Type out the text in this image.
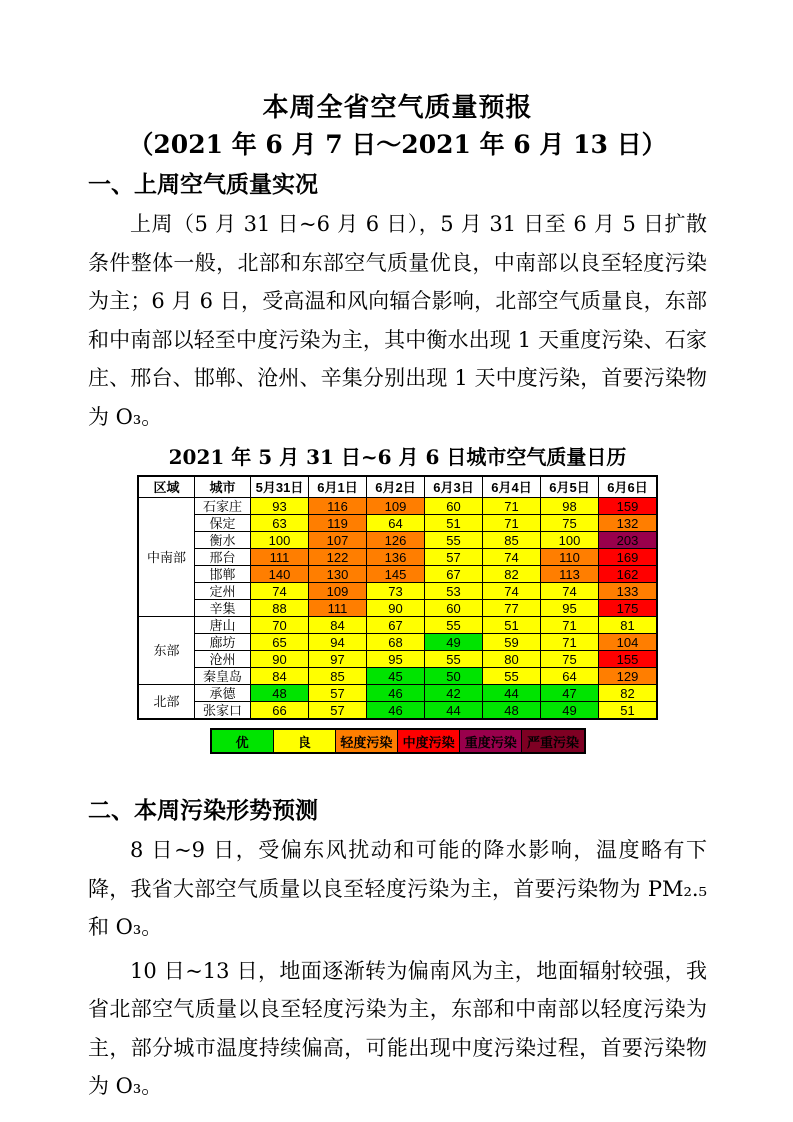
本周全省空气质量预报
（2021 年 6 月 7 日～2021 年 6 月 13 日）
一、上周空气质量实况

上周（5 月 31 日~6 月 6 日），5 月 31 日至 6 月 5 日扩散条件整体一般，北部和东部空气质量优良，中南部以良至轻度污染为主；6 月 6 日，受高温和风向辐合影响，北部空气质量良，东部和中南部以轻至中度污染为主，其中衡水出现 1 天重度污染、石家庄、邢台、邯郸、沧州、辛集分别出现 1 天中度污染，首要污染物为 O₃。

2021 年 5 月 31 日~6 月 6 日城市空气质量日历
区域	城市	5月31日	6月1日	6月2日	6月3日	6月4日	6月5日	6月6日
中南部	石家庄	93	116	109	60	71	98	159
	保定	63	119	64	51	71	75	132
	衡水	100	107	126	55	85	100	203
	邢台	111	122	136	57	74	110	169
	邯郸	140	130	145	67	82	113	162
	定州	74	109	73	53	74	74	133
	辛集	88	111	90	60	77	95	175
东部	唐山	70	84	67	55	51	71	81
	廊坊	65	94	68	49	59	71	104
	沧州	90	97	95	55	80	75	155
	秦皇岛	84	85	45	50	55	64	129
北部	承德	48	57	46	42	44	47	82
	张家口	66	57	46	44	48	49	51
优	良	轻度污染 中度污染 重度污染 严重污染
二、本周污染形势预测

8 日~9 日，受偏东风扰动和可能的降水影响，温度略有下降，我省大部空气质量以良至轻度污染为主，首要污染物为 PM₂.₅ 和 O₃。

10 日~13 日，地面逐渐转为偏南风为主，地面辐射较强，我省北部空气质量以良至轻度污染为主，东部和中南部以轻度污染为主，部分城市温度持续偏高，可能出现中度污染过程，首要污染物为 O₃。
